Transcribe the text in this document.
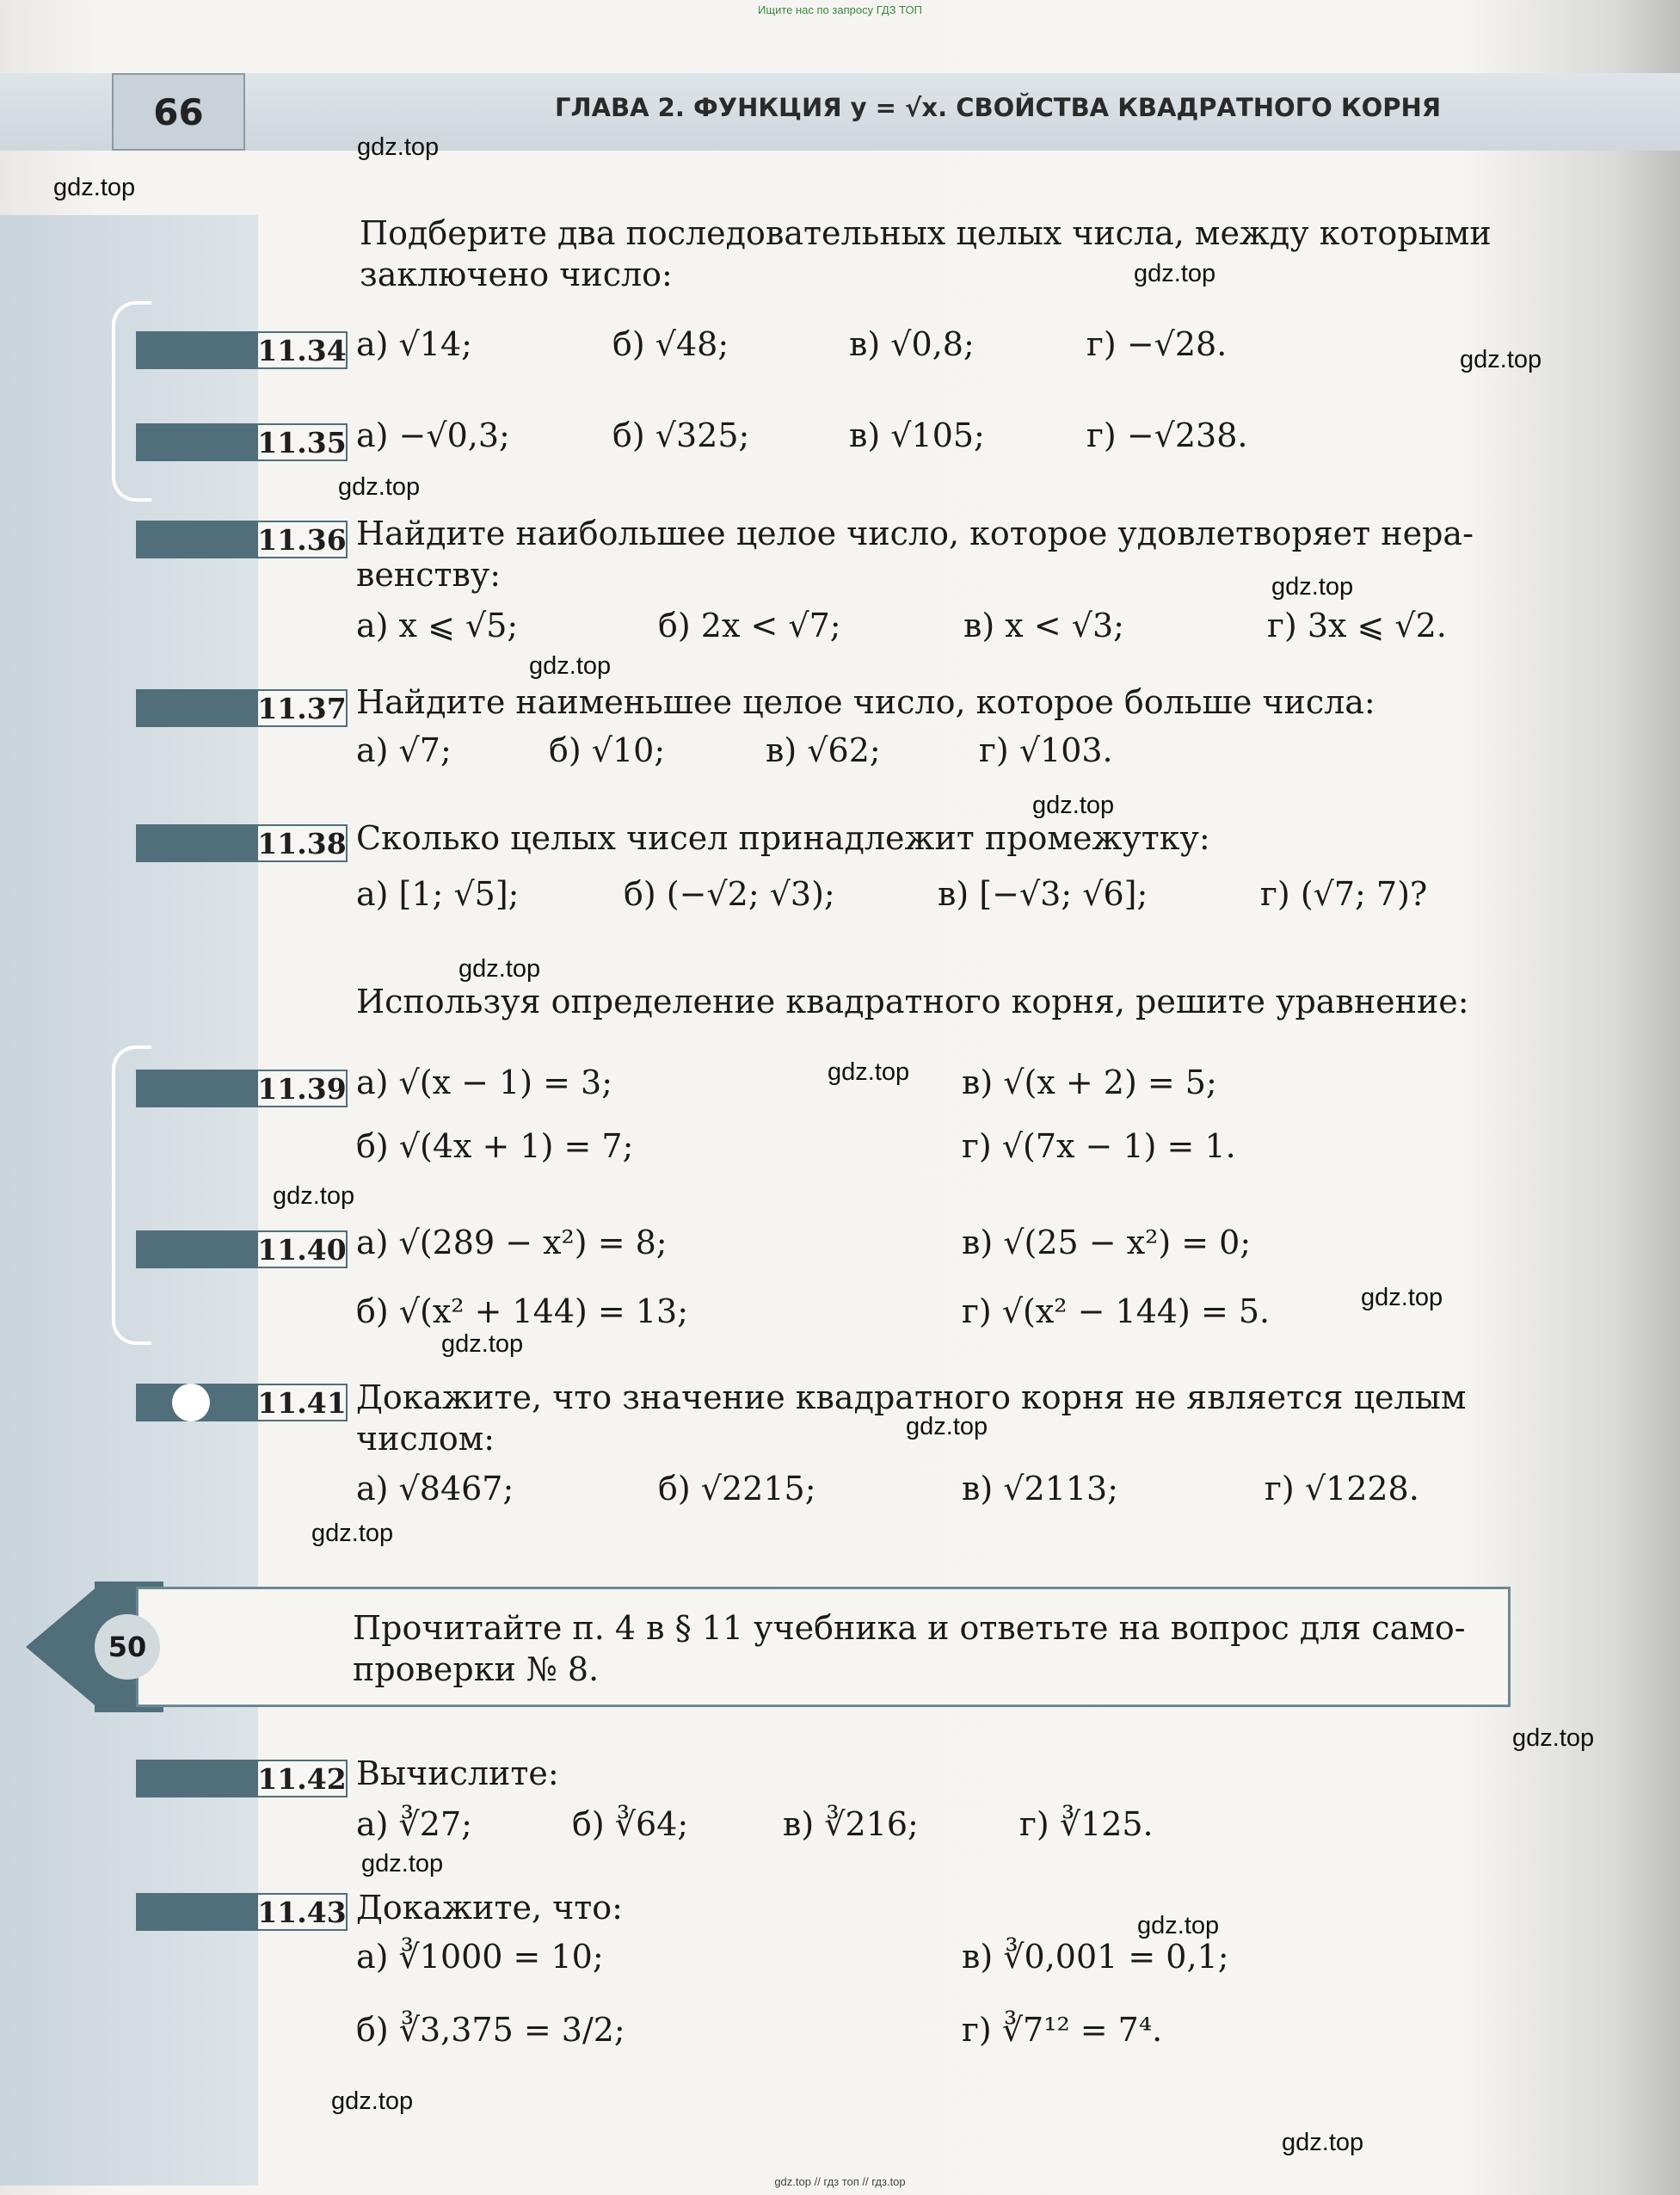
Ищите нас по запросу ГДЗ ТОП
66	ГЛАВА 2. ФУНКЦИЯ y = √x. СВОЙСТВА КВАДРАТНОГО КОРНЯ
Подберите два последовательных целых числа, между которыми
заключено число:
11.34 а) √14;	б) √48;	в) √0,8;	г) −√28.
11.35 а) −√0,3;	б) √325;	в) √105;	г) −√238.
11.36 Найдите наибольшее целое число, которое удовлетворяет нера-
венству:
а) x ⩽ √5;	б) 2x < √7;	в) x < √3;	г) 3x ⩽ √2.
11.37 Найдите наименьшее целое число, которое больше числа:
а) √7;	б) √10;	в) √62;	г) √103.
11.38 Сколько целых чисел принадлежит промежутку:
а) [1; √5];	б) (−√2; √3);	в) [−√3; √6];	г) (√7; 7)?
Используя определение квадратного корня, решите уравнение:
11.39 а) √(x − 1) = 3;
б) √(4x + 1) = 7;
в) √(x + 2) = 5;
г) √(7x − 1) = 1.
11.40 а) √(289 − x²) = 8;
б) √(x² + 144) = 13;
в) √(25 − x²) = 0;
г) √(x² − 144) = 5.
11.41 Докажите, что значение квадратного корня не является целым
числом:
а) √8467;	б) √2215;	в) √2113;	г) √1228.
50	Прочитайте п. 4 в § 11 учебника и ответьте на вопрос для само-
проверки № 8.
11.42 Вычислите:
а) ∛27;	б) ∛64;	в) ∛216;	г) ∛125.
11.43 Докажите, что:
а) ∛1000 = 10;
б) ∛3,375 = 3/2;
в) ∛0,001 = 0,1;
г) ∛7¹² = 7⁴.
gdz.top
gdz.top
gdz.top
gdz.top
gdz.top
gdz.top
gdz.top
gdz.top
gdz.top
gdz.top
gdz.top
gdz.top
gdz.top
gdz.top
gdz.top
gdz.top
gdz.top
gdz.top
gdz.top
gdz.top
gdz.top // гдз топ // гдз.top
